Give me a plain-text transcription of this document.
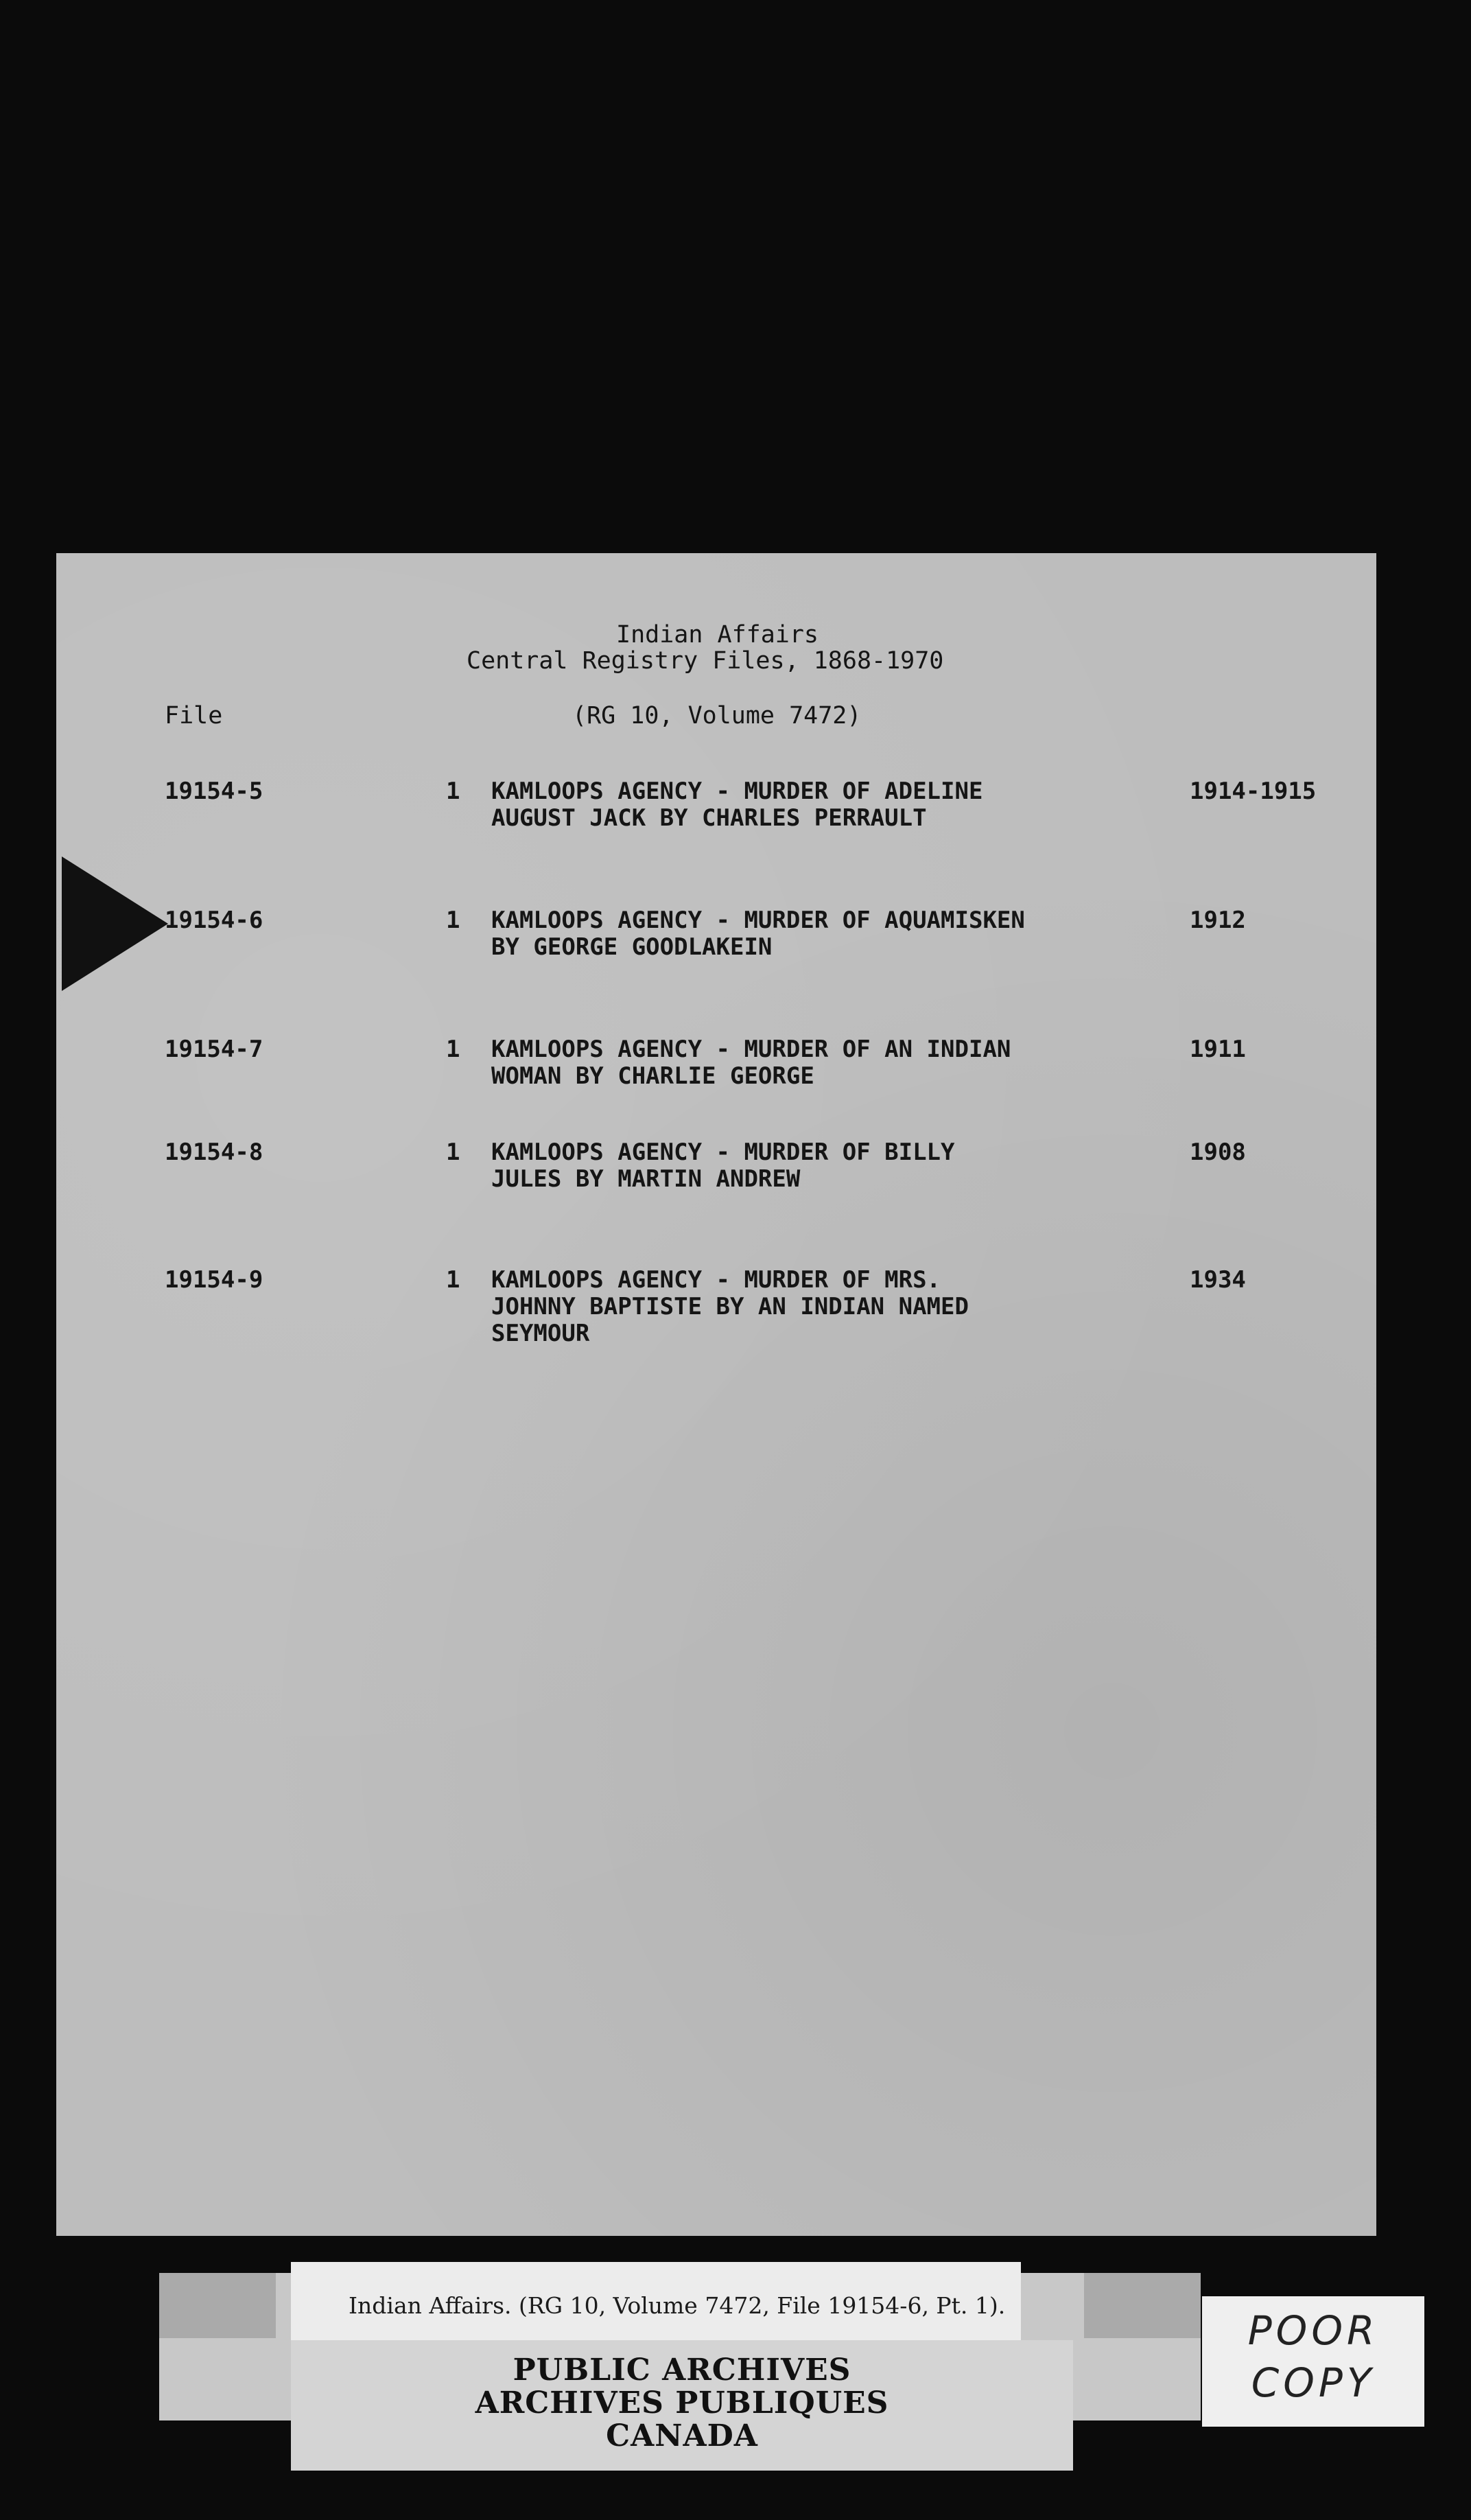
Indian Affairs
Central Registry Files, 1868-1970
File	(RG 10, Volume 7472)
19154-5	1 KAMLOOPS AGENCY - MURDER OF ADELINE
AUGUST JACK BY CHARLES PERRAULT
1914-1915
19154-6	1 KAMLOOPS AGENCY - MURDER OF AQUAMISKEN
BY GEORGE GOODLAKEIN
1912
19154-7	1 KAMLOOPS AGENCY - MURDER OF AN INDIAN
WOMAN BY CHARLIE GEORGE
1911
19154-8	1 KAMLOOPS AGENCY - MURDER OF BILLY
JULES BY MARTIN ANDREW
1908
19154-9	1 KAMLOOPS AGENCY - MURDER OF MRS.
JOHNNY BAPTISTE BY AN INDIAN NAMED
SEYMOUR
1934
Indian Affairs. (RG 10, Volume 7472, File 19154-6, Pt. 1).
PUBLIC ARCHIVES
ARCHIVES PUBLIQUES
CANADA
POOR
COPY
